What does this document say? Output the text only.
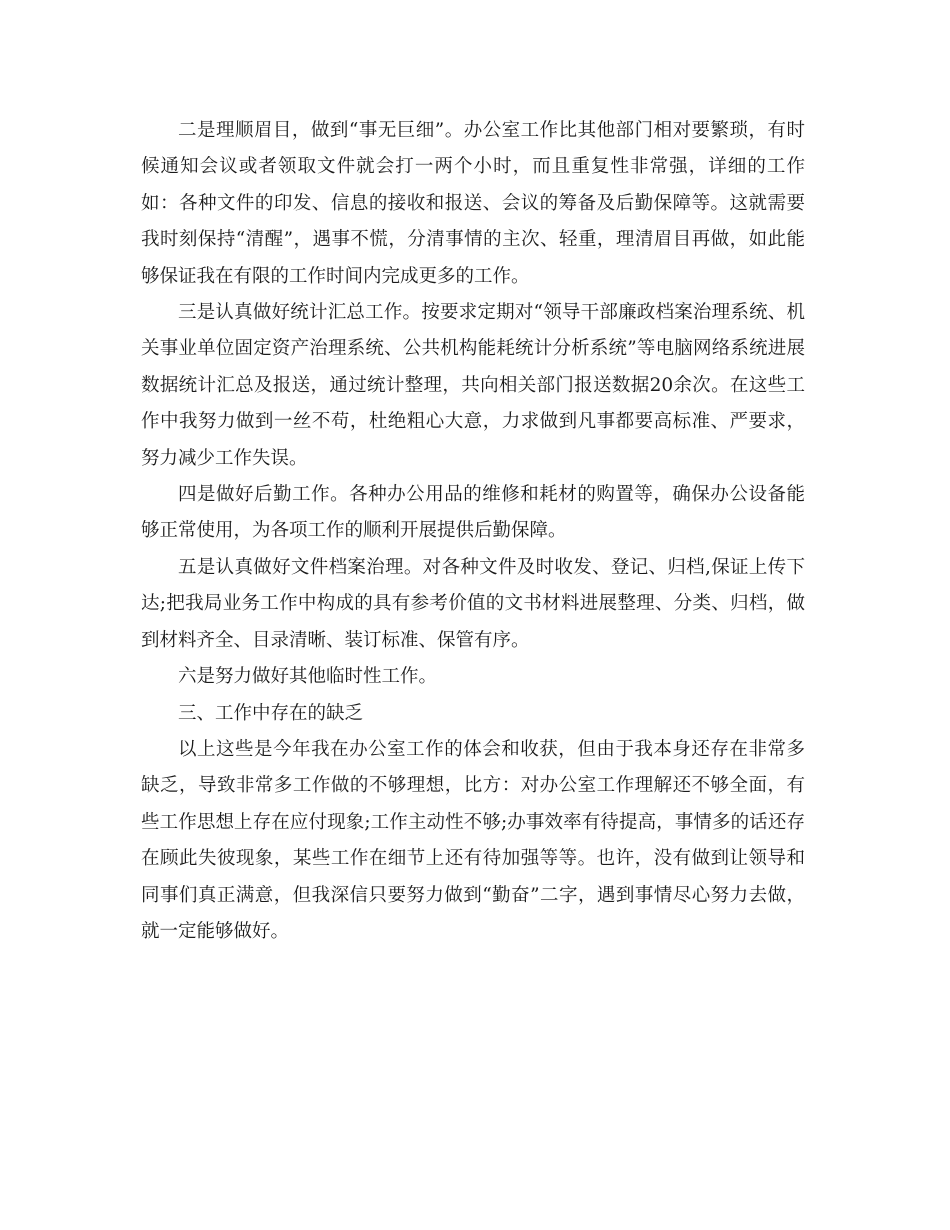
二是理顺眉目，做到“事无巨细”。办公室工作比其他部门相对要繁琐，有时候通知会议或者领取文件就会打一两个小时，而且重复性非常强，详细的工作如：各种文件的印发、信息的接收和报送、会议的筹备及后勤保障等。这就需要我时刻保持“清醒”，遇事不慌，分清事情的主次、轻重，理清眉目再做，如此能够保证我在有限的工作时间内完成更多的工作。

三是认真做好统计汇总工作。按要求定期对“领导干部廉政档案治理系统、机关事业单位固定资产治理系统、公共机构能耗统计分析系统”等电脑网络系统进展数据统计汇总及报送，通过统计整理，共向相关部门报送数据20余次。在这些工作中我努力做到一丝不苟，杜绝粗心大意，力求做到凡事都要高标准、严要求，努力减少工作失误。

四是做好后勤工作。各种办公用品的维修和耗材的购置等，确保办公设备能够正常使用，为各项工作的顺利开展提供后勤保障。

五是认真做好文件档案治理。对各种文件及时收发、登记、归档,保证上传下达;把我局业务工作中构成的具有参考价值的文书材料进展整理、分类、归档，做到材料齐全、目录清晰、装订标准、保管有序。

六是努力做好其他临时性工作。

三、工作中存在的缺乏

以上这些是今年我在办公室工作的体会和收获，但由于我本身还存在非常多缺乏，导致非常多工作做的不够理想，比方：对办公室工作理解还不够全面，有些工作思想上存在应付现象;工作主动性不够;办事效率有待提高，事情多的话还存在顾此失彼现象，某些工作在细节上还有待加强等等。也许，没有做到让领导和同事们真正满意，但我深信只要努力做到“勤奋”二字，遇到事情尽心努力去做，就一定能够做好。
